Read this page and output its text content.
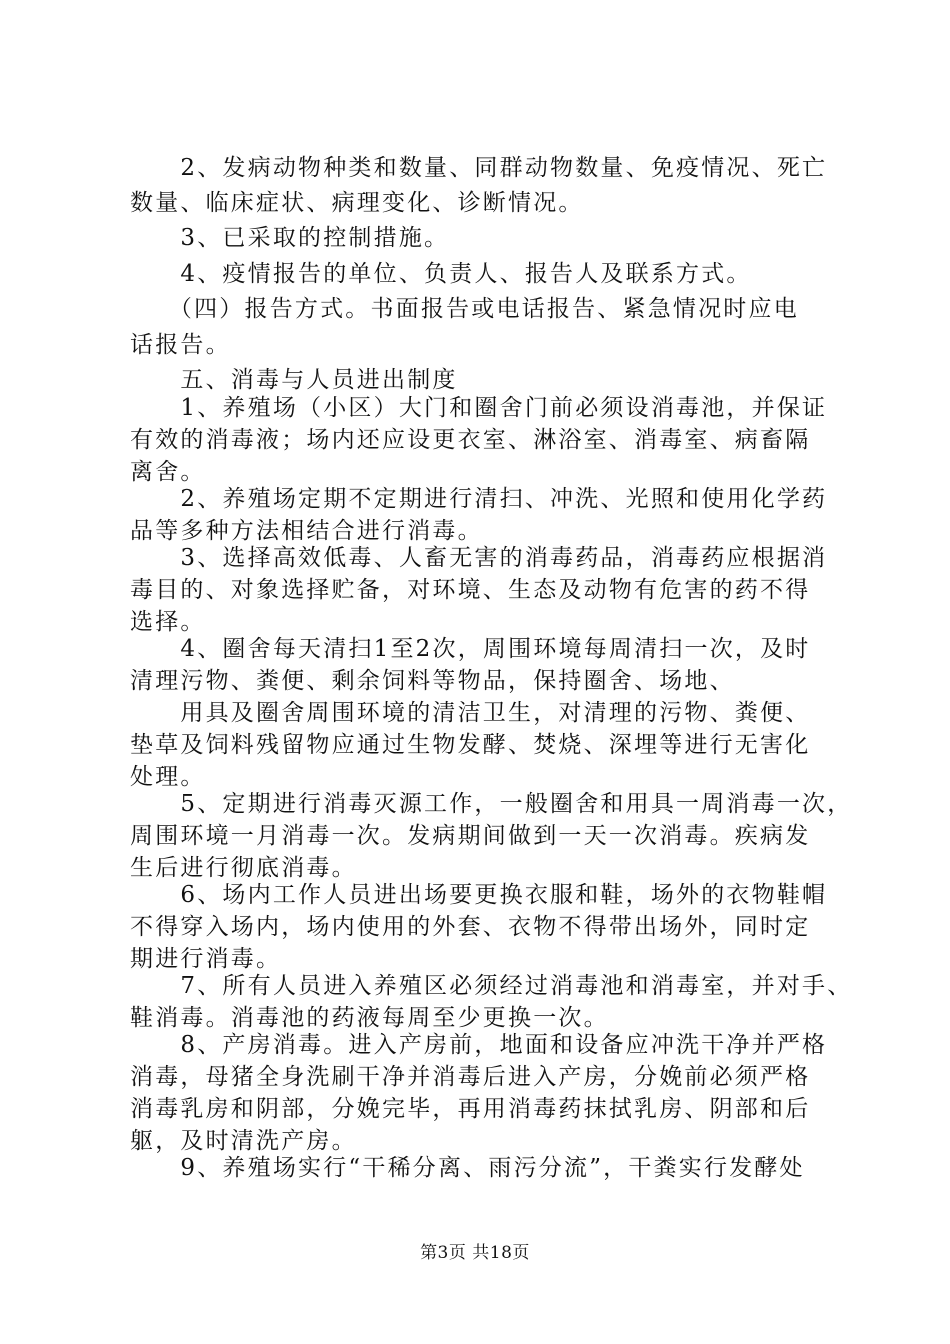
　　2、发病动物种类和数量、同群动物数量、免疫情况、死亡
数量、临床症状、病理变化、诊断情况。
　　3、已采取的控制措施。
　　4、疫情报告的单位、负责人、报告人及联系方式。
　　（四）报告方式。书面报告或电话报告、紧急情况时应电
话报告。
　　五、消毒与人员进出制度
　　1、养殖场（小区）大门和圈舍门前必须设消毒池，并保证
有效的消毒液；场内还应设更衣室、淋浴室、消毒室、病畜隔
离舍。
　　2、养殖场定期不定期进行清扫、冲洗、光照和使用化学药
品等多种方法相结合进行消毒。
　　3、选择高效低毒、人畜无害的消毒药品，消毒药应根据消
毒目的、对象选择贮备，对环境、生态及动物有危害的药不得
选择。
　　4、圈舍每天清扫1至2次，周围环境每周清扫一次，及时
清理污物、粪便、剩余饲料等物品，保持圈舍、场地、
　　用具及圈舍周围环境的清洁卫生，对清理的污物、粪便、
垫草及饲料残留物应通过生物发酵、焚烧、深埋等进行无害化
处理。
　　5、定期进行消毒灭源工作，一般圈舍和用具一周消毒一次，
周围环境一月消毒一次。发病期间做到一天一次消毒。疾病发
生后进行彻底消毒。
　　6、场内工作人员进出场要更换衣服和鞋，场外的衣物鞋帽
不得穿入场内，场内使用的外套、衣物不得带出场外，同时定
期进行消毒。
　　7、所有人员进入养殖区必须经过消毒池和消毒室，并对手、
鞋消毒。消毒池的药液每周至少更换一次。
　　8、产房消毒。进入产房前，地面和设备应冲洗干净并严格
消毒，母猪全身洗刷干净并消毒后进入产房，分娩前必须严格
消毒乳房和阴部，分娩完毕，再用消毒药抹拭乳房、阴部和后
躯，及时清洗产房。
　　9、养殖场实行“干稀分离、雨污分流”，干粪实行发酵处
第3页 共18页
